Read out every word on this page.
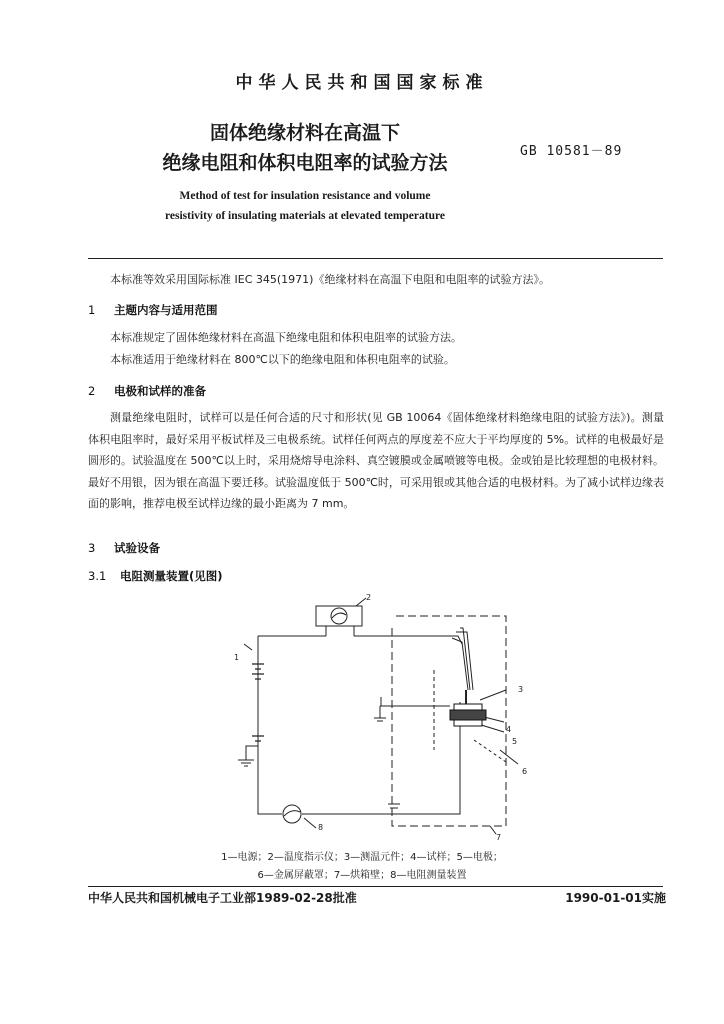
中华人民共和国国家标准
固体绝缘材料在高温下
绝缘电阻和体积电阻率的试验方法
GB 10581－89
Method of test for insulation resistance and volume
resistivity of insulating materials at elevated temperature
本标准等效采用国际标准 IEC 345(1971)《绝缘材料在高温下电阻和电阻率的试验方法》。
1 主题内容与适用范围
本标准规定了固体绝缘材料在高温下绝缘电阻和体积电阻率的试验方法。
本标准适用于绝缘材料在 800℃以下的绝缘电阻和体积电阻率的试验。
2 电极和试样的准备
测量绝缘电阻时，试样可以是任何合适的尺寸和形状(见 GB 10064《固体绝缘材料绝缘电阻的试验方法》)。测量体积电阻率时，最好采用平板试样及三电极系统。试样任何两点的厚度差不应大于平均厚度的 5%。试样的电极最好是圆形的。试验温度在 500℃以上时，采用烧熔导电涂料、真空镀膜或金属喷镀等电极。金或铂是比较理想的电极材料。最好不用银，因为银在高温下要迁移。试验温度低于 500℃时，可采用银或其他合适的电极材料。为了减小试样边缘表面的影响，推荐电极至试样边缘的最小距离为 7 mm。
3 试验设备
3.1 电阻测量装置(见图)
1
2
3
4
5
6
7
8
1—电源；2—温度指示仪；3—测温元件；4—试样；5—电极；
6—金属屏蔽罩；7—烘箱壁；8—电阻测量装置
中华人民共和国机械电子工业部1989-02-28批准	1990-01-01实施
